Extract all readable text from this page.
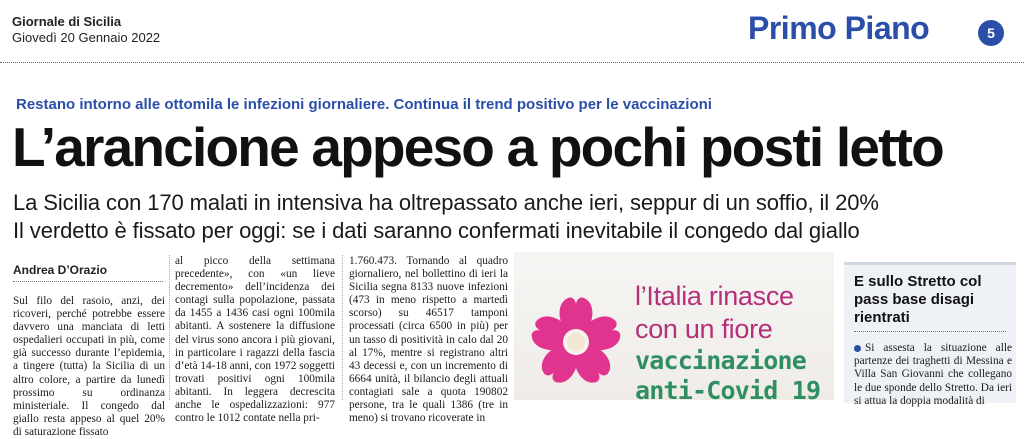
Giornale di Sicilia
Giovedì 20 Gennaio 2022	Primo Piano	5
Restano intorno alle ottomila le infezioni giornaliere. Continua il trend positivo per le vaccinazioni
L’arancione appeso a pochi posti letto
La Sicilia con 170 malati in intensiva ha oltrepassato anche ieri, seppur di un soffio, il 20%
Il verdetto è fissato per oggi: se i dati saranno confermati inevitabile il congedo dal giallo
Andrea D’Orazio

Sul filo del rasoio, anzi, dei ricoveri, perché potrebbe essere davvero una manciata di letti ospedalieri occupati in più, come già successo durante l’epidemia, a tingere (tutta) la Sicilia di un altro colore, a partire da lunedì prossimo su ordinanza ministeriale. Il congedo dal giallo resta appeso al quel 20% di saturazione fissato

al picco della settimana precedente», con «un lieve decremento» dell’incidenza dei contagi sulla popolazione, passata da 1455 a 1436 casi ogni 100mila abitanti. A sostenere la diffusione del virus sono ancora i più giovani, in particolare i ragazzi della fascia d’età 14-18 anni, con 1972 soggetti trovati positivi ogni 100mila abitanti. In leggera decrescita anche le ospedalizzazioni: 977 contro le 1012 contate nella pri-

1.760.473. Tornando al quadro giornaliero, nel bollettino di ieri la Sicilia segna 8133 nuove infezioni (473 in meno rispetto a martedì scorso) su 46517 tamponi processati (circa 6500 in più) per un tasso di positività in calo dal 20 al 17%, mentre si registrano altri 43 decessi e, con un incremento di 6664 unità, il bilancio degli attuali contagiati sale a quota 190802 persone, tra le quali 1386 (tre in meno) si trovano ricoverate in

l’Italia rinasce
con un fiore
vaccinazione
anti-Covid 19
E sullo Stretto col pass base disagi rientrati
Si assesta la situazione alle partenze dei traghetti di Messina e Villa San Giovanni che collegano le due sponde dello Stretto. Da ieri si attua la doppia modalità di
